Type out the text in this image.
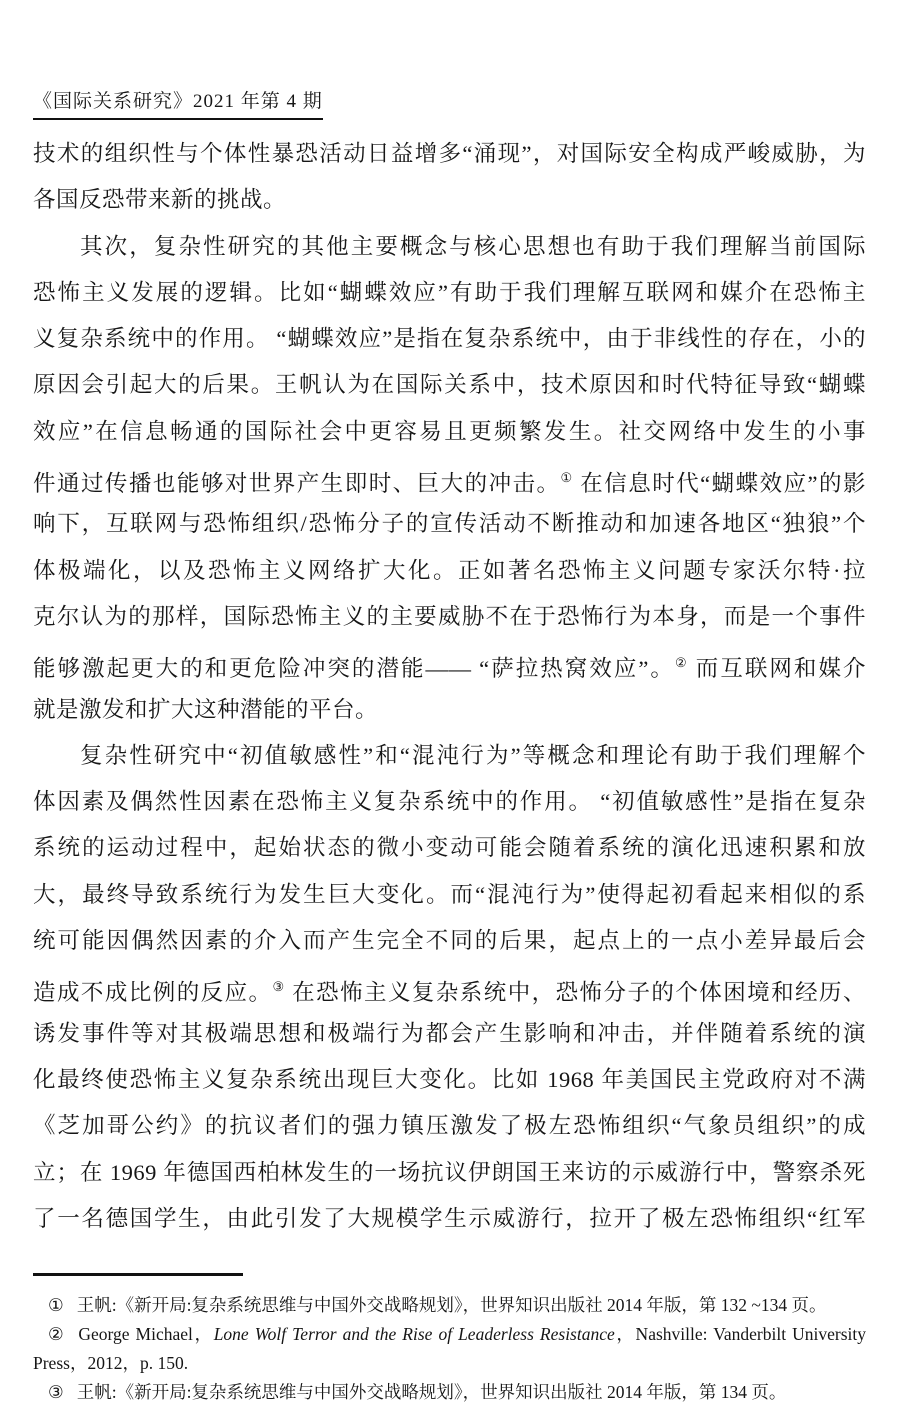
《国际关系研究》2021 年第 4 期
技术的组织性与个体性暴恐活动日益增多“涌现”，对国际安全构成严峻威胁，为
各国反恐带来新的挑战。
其次，复杂性研究的其他主要概念与核心思想也有助于我们理解当前国际
恐怖主义发展的逻辑。比如“蝴蝶效应”有助于我们理解互联网和媒介在恐怖主
义复杂系统中的作用。 “蝴蝶效应”是指在复杂系统中，由于非线性的存在，小的
原因会引起大的后果。王帆认为在国际关系中，技术原因和时代特征导致“蝴蝶
效应”在信息畅通的国际社会中更容易且更频繁发生。社交网络中发生的小事
件通过传播也能够对世界产生即时、巨大的冲击。① 在信息时代“蝴蝶效应”的影
响下，互联网与恐怖组织/恐怖分子的宣传活动不断推动和加速各地区“独狼”个
体极端化，以及恐怖主义网络扩大化。正如著名恐怖主义问题专家沃尔特·拉
克尔认为的那样，国际恐怖主义的主要威胁不在于恐怖行为本身，而是一个事件
能够激起更大的和更危险冲突的潜能—— “萨拉热窝效应”。② 而互联网和媒介
就是激发和扩大这种潜能的平台。
复杂性研究中“初值敏感性”和“混沌行为”等概念和理论有助于我们理解个
体因素及偶然性因素在恐怖主义复杂系统中的作用。 “初值敏感性”是指在复杂
系统的运动过程中，起始状态的微小变动可能会随着系统的演化迅速积累和放
大，最终导致系统行为发生巨大变化。而“混沌行为”使得起初看起来相似的系
统可能因偶然因素的介入而产生完全不同的后果，起点上的一点小差异最后会
造成不成比例的反应。③ 在恐怖主义复杂系统中，恐怖分子的个体困境和经历、
诱发事件等对其极端思想和极端行为都会产生影响和冲击，并伴随着系统的演
化最终使恐怖主义复杂系统出现巨大变化。比如 1968 年美国民主党政府对不满
《芝加哥公约》的抗议者们的强力镇压激发了极左恐怖组织“气象员组织”的成
立；在 1969 年德国西柏林发生的一场抗议伊朗国王来访的示威游行中，警察杀死
了一名德国学生，由此引发了大规模学生示威游行，拉开了极左恐怖组织“红军
① 王帆:《新开局:复杂系统思维与中国外交战略规划》，世界知识出版社 2014 年版，第 132 ~134 页。
② George Michael，Lone Wolf Terror and the Rise of Leaderless Resistance，Nashville: Vanderbilt University
Press，2012，p. 150.
③ 王帆:《新开局:复杂系统思维与中国外交战略规划》，世界知识出版社 2014 年版，第 134 页。
